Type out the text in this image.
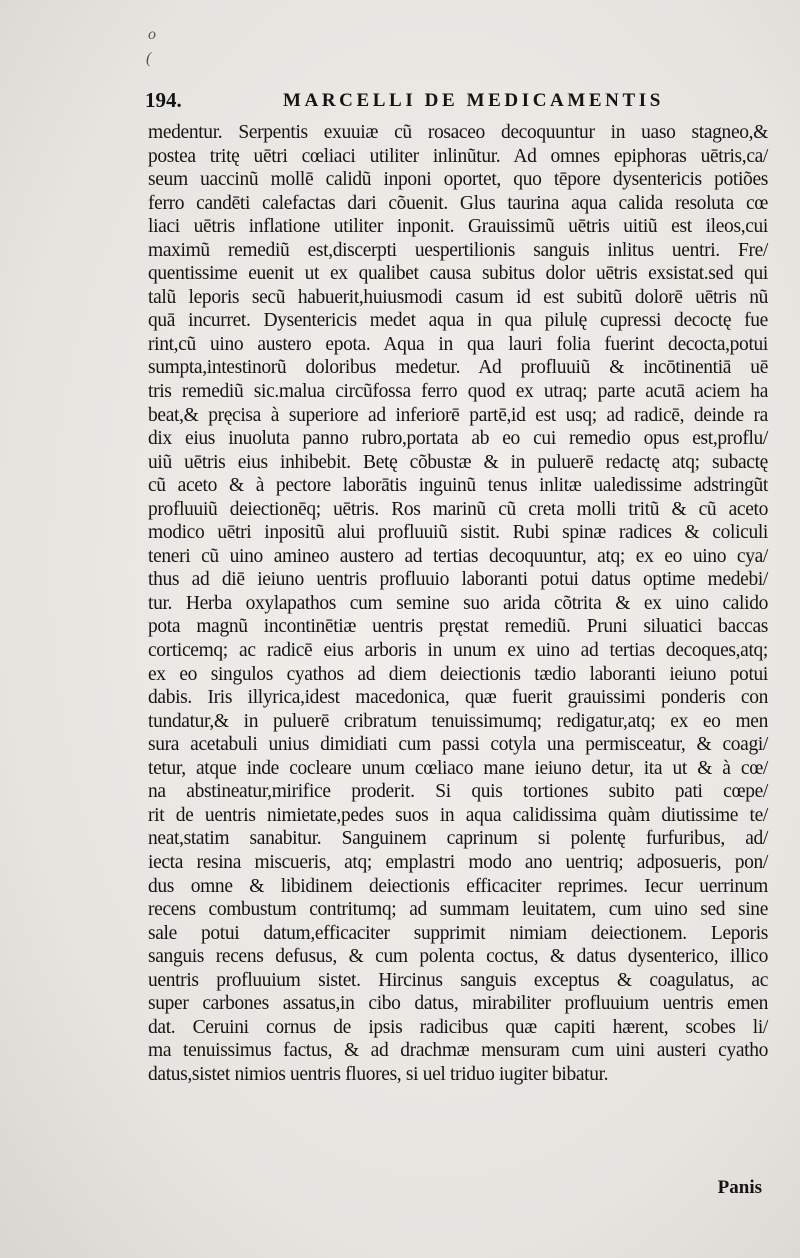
o
(
194.	MARCELLI DE MEDICAMENTIS
medentur. Serpentis exuuiæ cũ rosaceo decoquuntur in uaso stagneo,&
postea tritę uētri cœliaci utiliter inlinũtur. Ad omnes epiphoras uētris,ca/
seum uaccinũ mollē calidũ inponi oportet, quo tēpore dysentericis potiões
ferro candēti calefactas dari cõuenit. Glus taurina aqua calida resoluta cœ
liaci uētris inflatione utiliter inponit. Grauissimũ uētris uitiũ est ileos,cui
maximũ remediũ est,discerpti uespertilionis sanguis inlitus uentri. Fre/
quentissime euenit ut ex qualibet causa subitus dolor uētris exsistat.sed qui
talũ leporis secũ habuerit,huiusmodi casum id est subitũ dolorē uētris nũ
quā incurret. Dysentericis medet aqua in qua pilulę cupressi decoctę fue
rint,cũ uino austero epota. Aqua in qua lauri folia fuerint decocta,potui
sumpta,intestinorũ doloribus medetur. Ad profluuiũ & incōtinentiā uē
tris remediũ sic.malua circũfossa ferro quod ex utraq; parte acutā aciem ha
beat,& pręcisa à superiore ad inferiorē partē,id est usq; ad radicē, deinde ra
dix eius inuoluta panno rubro,portata ab eo cui remedio opus est,proflu/
uiũ uētris eius inhibebit. Betę cõbustæ & in puluerē redactę atq; subactę
cũ aceto & à pectore laborātis inguinũ tenus inlitæ ualedissime adstringũt
profluuiũ deiectionēq; uētris. Ros marinũ cũ creta molli tritũ & cũ aceto
modico uētri inpositũ alui profluuiũ sistit. Rubi spinæ radices & coliculi
teneri cũ uino amineo austero ad tertias decoquuntur, atq; ex eo uino cya/
thus ad diē ieiuno uentris profluuio laboranti potui datus optime medebi/
tur. Herba oxylapathos cum semine suo arida cõtrita & ex uino calido
pota magnũ incontinētiæ uentris pręstat remediũ. Pruni siluatici baccas
corticemq; ac radicē eius arboris in unum ex uino ad tertias decoques,atq;
ex eo singulos cyathos ad diem deiectionis tædio laboranti ieiuno potui
dabis. Iris illyrica,idest macedonica, quæ fuerit grauissimi ponderis con
tundatur,& in puluerē cribratum tenuissimumq; redigatur,atq; ex eo men
sura acetabuli unius dimidiati cum passi cotyla una permisceatur, & coagi/
tetur, atque inde cocleare unum cœliaco mane ieiuno detur, ita ut & à cœ/
na abstineatur,mirifice proderit. Si quis tortiones subito pati cœpe/
rit de uentris nimietate,pedes suos in aqua calidissima quàm diutissime te/
neat,statim sanabitur. Sanguinem caprinum si polentę furfuribus, ad/
iecta resina miscueris, atq; emplastri modo ano uentriq; adposueris, pon/
dus omne & libidinem deiectionis efficaciter reprimes. Iecur uerrinum
recens combustum contritumq; ad summam leuitatem, cum uino sed sine
sale potui datum,efficaciter supprimit nimiam deiectionem. Leporis
sanguis recens defusus, & cum polenta coctus, & datus dysenterico, illico
uentris profluuium sistet. Hircinus sanguis exceptus & coagulatus, ac
super carbones assatus,in cibo datus, mirabiliter profluuium uentris emen
dat. Ceruini cornus de ipsis radicibus quæ capiti hærent, scobes li/
ma tenuissimus factus, & ad drachmæ mensuram cum uini austeri cyatho
datus,sistet nimios uentris fluores, si uel triduo iugiter bibatur.
Panis
